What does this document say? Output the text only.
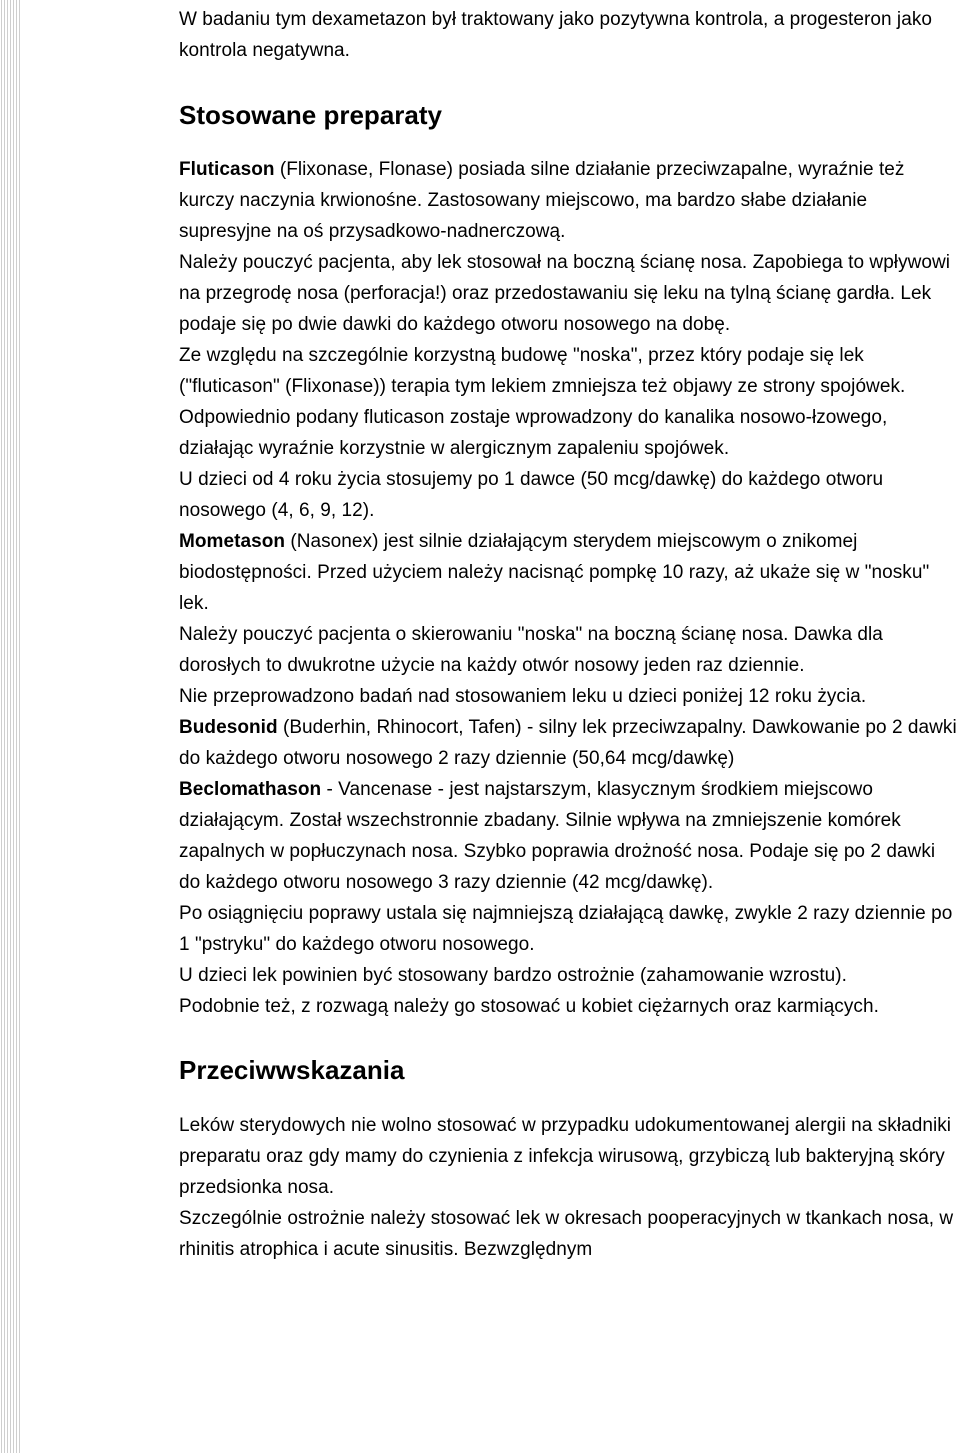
W badaniu tym dexametazon był traktowany jako pozytywna kontrola, a progesteron jako kontrola negatywna.

Stosowane preparaty

Fluticason (Flixonase, Flonase) posiada silne działanie przeciwzapalne, wyraźnie też kurczy naczynia krwionośne. Zastosowany miejscowo, ma bardzo słabe działanie supresyjne na oś przysadkowo-nadnerczową.

Należy pouczyć pacjenta, aby lek stosował na boczną ścianę nosa. Zapobiega to wpływowi na przegrodę nosa (perforacja!) oraz przedostawaniu się leku na tylną ścianę gardła. Lek podaje się po dwie dawki do każdego otworu nosowego na dobę.

Ze względu na szczególnie korzystną budowę "noska", przez który podaje się lek ("fluticason" (Flixonase)) terapia tym lekiem zmniejsza też objawy ze strony spojówek. Odpowiednio podany fluticason zostaje wprowadzony do kanalika nosowo-łzowego, działając wyraźnie korzystnie w alergicznym zapaleniu spojówek.

U dzieci od 4 roku życia stosujemy po 1 dawce (50 mcg/dawkę) do każdego otworu nosowego (4, 6, 9, 12).

Mometason (Nasonex) jest silnie działającym sterydem miejscowym o znikomej biodostępności. Przed użyciem należy nacisnąć pompkę 10 razy, aż ukaże się w "nosku" lek.

Należy pouczyć pacjenta o skierowaniu "noska" na boczną ścianę nosa. Dawka dla dorosłych to dwukrotne użycie na każdy otwór nosowy jeden raz dziennie.

Nie przeprowadzono badań nad stosowaniem leku u dzieci poniżej 12 roku życia.

Budesonid (Buderhin, Rhinocort, Tafen) - silny lek przeciwzapalny. Dawkowanie po 2 dawki do każdego otworu nosowego 2 razy dziennie (50,64 mcg/dawkę)

Beclomathason - Vancenase - jest najstarszym, klasycznym środkiem miejscowo działającym. Został wszechstronnie zbadany. Silnie wpływa na zmniejszenie komórek zapalnych w popłuczynach nosa. Szybko poprawia drożność nosa. Podaje się po 2 dawki do każdego otworu nosowego 3 razy dziennie (42 mcg/dawkę).

Po osiągnięciu poprawy ustala się najmniejszą działającą dawkę, zwykle 2 razy dziennie po 1 "pstryku" do każdego otworu nosowego.

U dzieci lek powinien być stosowany bardzo ostrożnie (zahamowanie wzrostu).

Podobnie też, z rozwagą należy go stosować u kobiet ciężarnych oraz karmiących.

Przeciwwskazania

Leków sterydowych nie wolno stosować w przypadku udokumentowanej alergii na składniki preparatu oraz gdy mamy do czynienia z infekcja wirusową, grzybiczą lub bakteryjną skóry przedsionka nosa.

Szczególnie ostrożnie należy stosować lek w okresach pooperacyjnych w tkankach nosa, w rhinitis atrophica i acute sinusitis. Bezwzględnym
